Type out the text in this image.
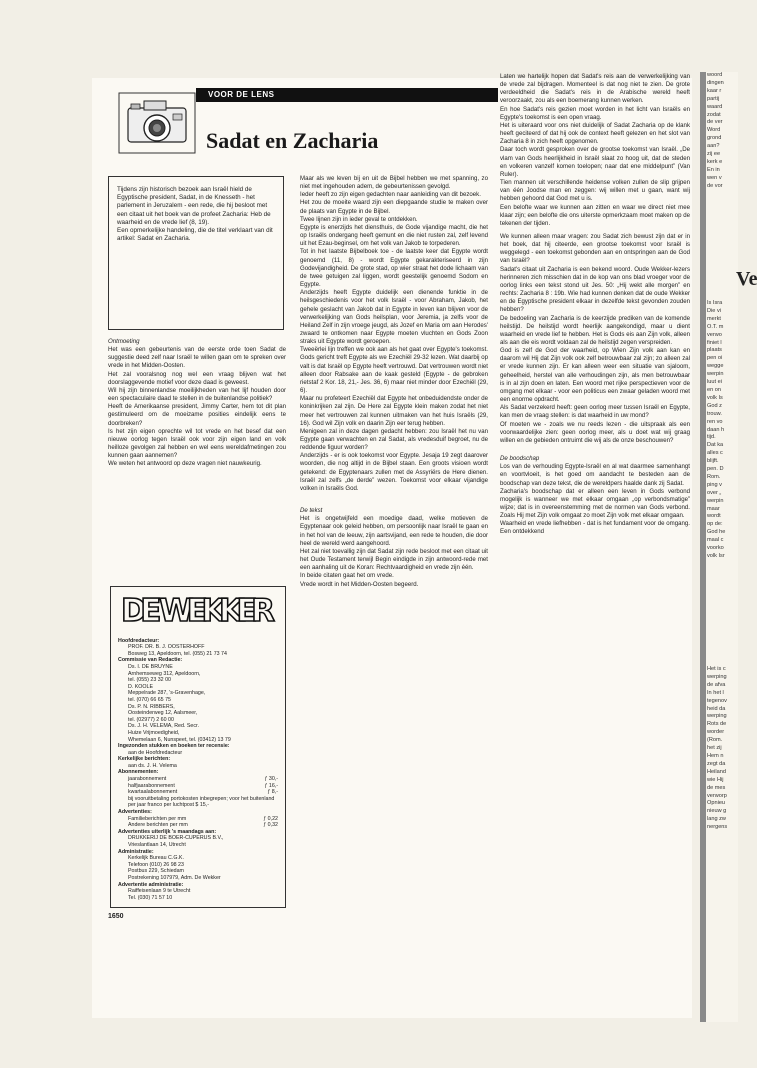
woord
dingen
kaar r
partij
waard
zodat
de ver
Word
grond
aan?
zij ee
kerk e
En in
wen v
de vor
Ve
Is Isra
Die vi
merkt
O.T. m
verwo
finiet l
plaats
pen oi
wegge
werpin
luut ei
en on
volk Is
God z
trouw.
ren vo
daan h
tijd.
Dat ka
alles c
blijft.
pen. D
Rom.
ping v
over „
werpin
maar
wordt
op de:
God he
maal c
voorko
volk Isr
Het is c
werping
de afva
In het l
tegenov
heid da
werping
Rots de
worder
(Rom.
het zij
Hem n
zegt da
Heiland
wie Hij
de mes
verworp
Opnieu
nieuw g
lang zw
nergens
VOOR DE LENS
Sadat en Zacharia

Tijdens zijn historisch bezoek aan Israël hield de Egyptische president, Sadat, in de Knesseth - het parlement in Jeruzalem - een rede, die hij besloot met een citaat uit het boek van de profeet Zacharia: Heb de waarheid en de vrede lief (8, 19).

Een opmerkelijke handeling, die de titel verklaart van dit artikel: Sadat en Zacharia.

Ontmoeting

Het was een gebeurtenis van de eerste orde toen Sadat de suggestie deed zelf naar Israël te willen gaan om te spreken over vrede in het Midden-Oosten.

Het zal vooralsnog nog wel een vraag blijven wat het doorslaggevende motief voor deze daad is geweest.

Wil hij zijn binnenlandse moeilijkheden van het lijf houden door een spectaculaire daad te stellen in de buitenlandse politiek?

Heeft de Amerikaanse president, Jimmy Carter, hem tot dit plan gestimuleerd om de moeizame posities eindelijk eens te doorbreken?

Is het zijn eigen oprechte wil tot vrede en het besef dat een nieuwe oorlog tegen Israël ook voor zijn eigen land en volk heilloze gevolgen zal hebben en wel eens wereldafmetingen zou kunnen gaan aannemen?

We weten het antwoord op deze vragen niet nauwkeurig.

DE WEKKER
Hoofdredacteur:
PROF. DR. B. J. OOSTERHOFF
Bosweg 13, Apeldoorn, tel. (055) 21 73 74
Commissie van Redactie:
Ds. I. DE BRUYNE
Arnhemseweg 312, Apeldoorn,
tel. (055) 23 32 00
D. KOOLE
Meppelrade 287, 's-Gravenhage,
tel. (070) 66 65 75
Ds. P. N. RIBBERS,
Oosteinderweg 12, Aalsmeer,
tel. (02977) 2 60 00
Ds. J. H. VELEMA, Red. Secr.
Huize Vrijmoedigheid,
Whemelaan 6, Nunspeet, tel. (03412) 13 79
Ingezonden stukken en boeken ter recensie:
aan de Hoofdredacteur
Kerkelijke berichten:
aan ds. J. H. Velema
Abonnementen:
jaarabonnement	ƒ 30,-
halfjaarabonnement	ƒ 16,-
kwartaalabonnement	ƒ 8,-
bij vooruitbetaling portokosten inbegrepen; voor het buitenland per jaar franco per luchtpost $ 15,-
Advertenties:
Familieberichten per mm	ƒ 0,22
Andere berichten per mm	ƒ 0,32
Advertenties uiterlijk 's maandags aan:
DRUKKERIJ DE BOER-CUPERUS B.V.,
Vrieslantlaan 14, Utrecht
Administratie:
Kerkelijk Bureau C.G.K.
Telefoon (010) 26 98 23
Postbus 229, Schiedam
Postrekening 107979, Adm. De Wekker
Advertentie administratie:
Raiffeisenlaan 9 te Utrecht
Tel. (030) 71 57 10
1650

Maar als we leven bij en uit de Bijbel hebben we met spanning, zo niet met ingehouden adem, de gebeurtenissen gevolgd.

Ieder heeft zo zijn eigen gedachten naar aanleiding van dit bezoek.

Het zou de moeite waard zijn een diepgaande studie te maken over de plaats van Egypte in de Bijbel.

Twee lijnen zijn in ieder geval te ontdekken.

Egypte is enerzijds het diensthuis, de Gode vijandige macht, die het op Israëls ondergang heeft gemunt en die niet rusten zal, zelf levend uit het Ezau-beginsel, om het volk van Jakob te torpederen.

Tot in het laatste Bijbelboek toe - de laatste keer dat Egypte wordt genoemd (11, 8) - wordt Egypte gekarakteriseerd in zijn Godevijandigheid. De grote stad, op wier straat het dode lichaam van de twee getuigen zal liggen, wordt geestelijk genoemd Sodom en Egypte.

Anderzijds heeft Egypte duidelijk een dienende funktie in de heilsgeschiedenis voor het volk Israël - voor Abraham, Jakob, het gehele geslacht van Jakob dat in Egypte in leven kan blijven voor de verwerkelijking van Gods heilsplan, voor Jeremia, ja zelfs voor de Heiland Zelf in zijn vroege jeugd, als Jozef en Maria om aan Herodes' zwaard te ontkomen naar Egypte moeten vluchten en Gods Zoon straks uit Egypte wordt geroepen.

Tweeërlei lijn treffen we ook aan als het gaat over Egypte's toekomst. Gods gericht treft Egypte als we Ezechiël 29-32 lezen. Wat daarbij op valt is dat Israël op Egypte heeft vertrouwd. Dat vertrouwen wordt niet alleen door Rabsake aan de kaak gesteld (Egypte - de gebroken rietstaf 2 Kor. 18, 21,- Jes. 36, 6) maar niet minder door Ezechiël (29, 6).

Maar nu profeteert Ezechiël dat Egypte het onbeduidendste onder de koninkrijken zal zijn. De Here zal Egypte klein maken zodat het niet meer het vertrouwen zal kunnen uitmaken van het huis Israëls (29, 16). God wil Zijn volk en daarin Zijn eer terug hebben.

Menigeen zal in deze dagen gedacht hebben: zou Israël het nu van Egypte gaan verwachten en zal Sadat, als vredesduif begroet, nu de reddende figuur worden?

Anderzijds - er is ook toekomst voor Egypte. Jesaja 19 zegt daarover woorden, die nog altijd in de Bijbel staan. Een groots visioen wordt getekend: de Egyptenaars zullen met de Assyriërs de Here dienen. Israël zal zelfs „de derde” wezen. Toekomst voor elkaar vijandige volken in Israëls God.

De tekst

Het is ongetwijfeld een moedige daad, welke motieven de Egyptenaar ook geleid hebben, om persoonlijk naar Israël te gaan en in het hol van de leeuw, zijn aartsvijand, een rede te houden, die door heel de wereld werd aangehoord.

Het zal niet toevallig zijn dat Sadat zijn rede besloot met een citaat uit het Oude Testament terwijl Begin eindigde in zijn antwoord-rede met een aanhaling uit de Koran: Rechtvaardigheid en vrede zijn één.

In beide citaten gaat het om vrede.

Vrede wordt in het Midden-Oosten begeerd.

Laten we hartelijk hopen dat Sadat's reis aan de verwerkelijking van de vrede zal bijdragen. Momenteel is dat nog niet te zien. De grote verdeeldheid die Sadat's reis in de Arabische wereld heeft veroorzaakt, zou als een boemerang kunnen werken.

En hoe Sadat's reis gezien moet worden in het licht van Israëls en Egypte's toekomst is een open vraag.

Het is uiteraard voor ons niet duidelijk of Sadat Zacharia op de klank heeft geciteerd of dat hij ook de context heeft gelezen en het slot van Zacharia 8 in zich heeft opgenomen.

Daar toch wordt gesproken over de grootse toekomst van Israël. „De vlam van Gods heerlijkheid in Israël slaat zo hoog uit, dat de steden en volkeren vanzelf komen toelopen; naar dat ene middelpunt” (Van Ruler).

Tien mannen uit verschillende heidense volken zullen de slip grijpen van één Joodse man en zeggen: wij willen met u gaan, want wij hebben gehoord dat God met u is.

Een belofte waar we kunnen aan zitten en waar we direct niet mee klaar zijn; een belofte die ons uiterste opmerkzaam moet maken op de tekenen der tijden.

We kunnen alleen maar vragen: zou Sadat zich bewust zijn dat er in het boek, dat hij citeerde, een grootse toekomst voor Israël is weggelegd - een toekomst gebonden aan en ontspringen aan de God van Israël?

Sadat's citaat uit Zacharia is een bekend woord. Oude Wekker-lezers herinneren zich misschien dat in de kop van ons blad vroeger voor de oorlog links een tekst stond uit Jes. 50: „Hij wekt alle morgen” en rechts: Zacharia 8 : 19b. Wie had kunnen denken dat de oude Wekker en de Egyptische president elkaar in dezelfde tekst gevonden zouden hebben?

De bedoeling van Zacharia is de keerzijde prediken van de komende heilstijd. De heilstijd wordt heerlijk aangekondigd, maar u dient waarheid en vrede lief te hebben. Het is Gods eis aan Zijn volk, alleen als aan die eis wordt voldaan zal de heilstijd zegen verspreiden.

God is zelf de God der waarheid, op Wien Zijn volk aan kan en daarom wil Hij dat Zijn volk ook zelf betrouwbaar zal zijn; zo alleen zal er vrede kunnen zijn. Er kan alleen weer een situatie van sjaloom, geheelheid, herstel van alle verhoudingen zijn, als men betrouwbaar is in al zijn doen en laten. Een woord met rijke perspectieven voor de omgang met elkaar - voor een politicus een zwaar geladen woord met een enorme opdracht.

Als Sadat verzekerd heeft: geen oorlog meer tussen Israël en Egypte, kan men de vraag stellen: is dat waarheid in uw mond?

Of moeten we - zoals we nu reeds lezen - die uitspraak als een voorwaardelijke zien: geen oorlog meer, als u doet wat wij graag willen en de gebieden ontruimt die wij als de onze beschouwen?

De boodschap

Los van de verhouding Egypte-Israël en al wat daarmee samenhangt en voortvloeit, is het goed om aandacht te besteden aan de boodschap van deze tekst, die de wereldpers haalde dank zij Sadat.

Zacharia's boodschap dat er alleen een leven in Gods verbond mogelijk is wanneer we met elkaar omgaan „op verbondsmatige” wijze; dat is in overeenstemming met de normen van Gods verbond. Zoals Hij met Zijn volk omgaat zo moet Zijn volk met elkaar omgaan.

Waarheid en vrede liefhebben - dat is het fundament voor de omgang. Een ontdekkend
